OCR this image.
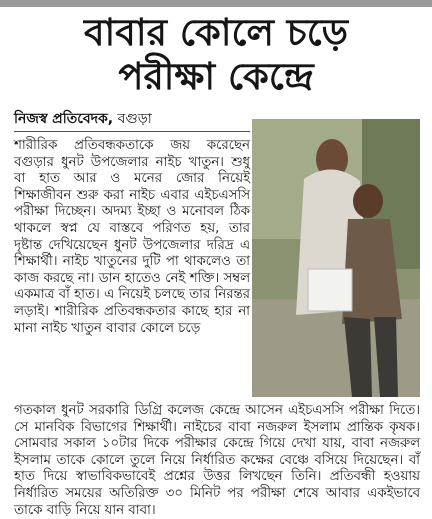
বাবার কোলে চড়ে
পরীক্ষা কেন্দ্রে
নিজস্ব প্রতিবেদক, বগুড়া

শারীরিক প্রতিবন্ধকতাকে জয় করেছেন বগুড়ার ধুনট উপজেলার নাইচ খাতুন। শুধু বা হাত আর ও মনের জোর নিয়েই শিক্ষাজীবন শুরু করা নাইচ এবার এইচএসসি পরীক্ষা দিচ্ছেন। অদম্য ইচ্ছা ও মনোবল ঠিক থাকলে স্বপ্ন যে বাস্তবে পরিণত হয়, তার দৃষ্টান্ত দেখিয়েছেন ধুনট উপজেলার দরিদ্র এ শিক্ষার্থী। নাইচ খাতুনের দুটি পা থাকলেও তা কাজ করছে না। ডান হাতেও নেই শক্তি। সম্বল একমাত্র বাঁ হাত। এ নিয়েই চলছে তার নিরন্তর লড়াই। শারীরিক প্রতিবন্ধকতার কাছে হার না মানা নাইচ খাতুন বাবার কোলে চড়ে

গতকাল ধুনট সরকারি ডিগ্রি কলেজ কেন্দ্রে আসেন এইচএসসি পরীক্ষা দিতে। সে মানবিক বিভাগের শিক্ষার্থী। নাইচের বাবা নজরুল ইসলাম প্রান্তিক কৃষক। সোমবার সকাল ১০টার দিকে পরীক্ষার কেন্দ্রে গিয়ে দেখা যায়, বাবা নজরুল ইসলাম তাকে কোলে তুলে নিয়ে নির্ধারিত কক্ষের বেঞ্চে বসিয়ে দিয়েছেন। বাঁ হাত দিয়ে স্বাভাবিকভাবেই প্রশ্নের উত্তর লিখছেন তিনি। প্রতিবন্ধী হওয়ায় নির্ধারিত সময়ের অতিরিক্ত ৩০ মিনিট পর পরীক্ষা শেষে আবার একইভাবে তাকে বাড়ি নিয়ে যান বাবা।
